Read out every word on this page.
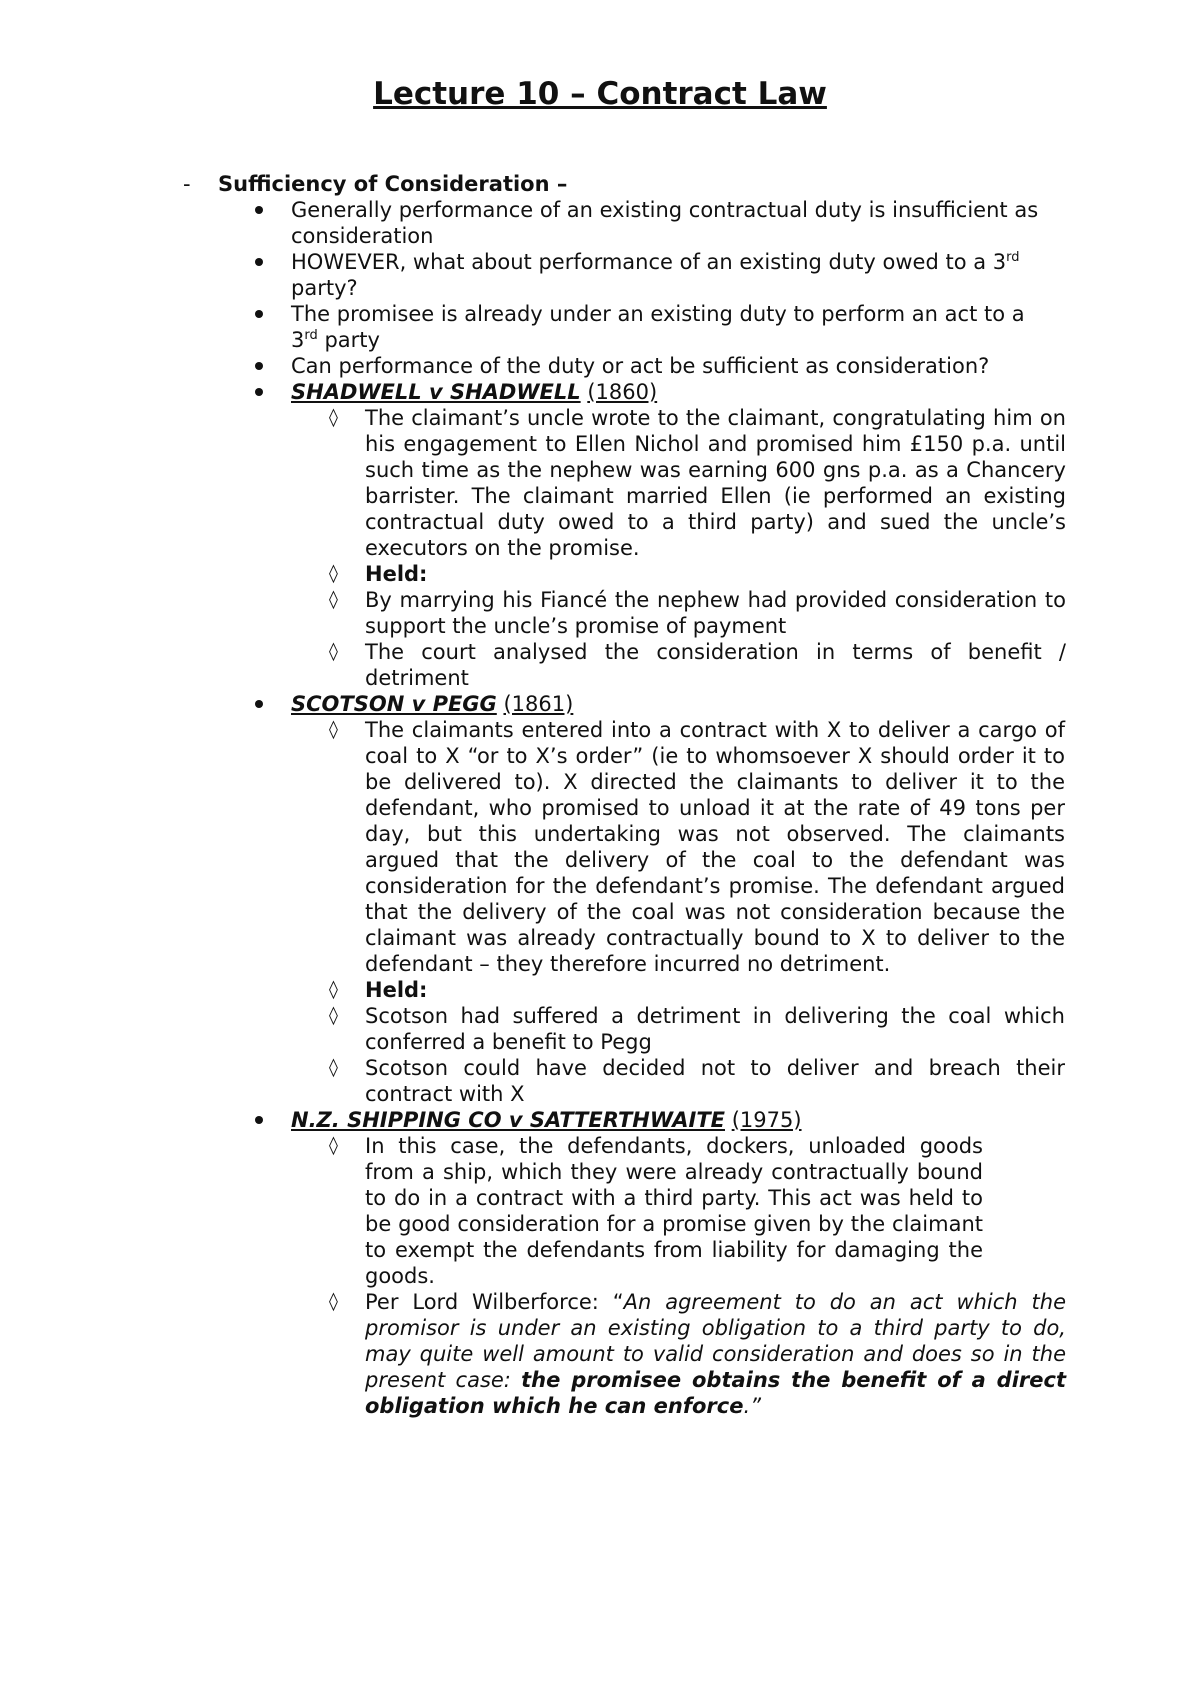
Lecture 10 – Contract Law
- Sufficiency of Consideration –
Generally performance of an existing contractual duty is insufficient as consideration
HOWEVER, what about performance of an existing duty owed to a 3rd
party?
The promisee is already under an existing duty to perform an act to a
3rd party
Can performance of the duty or act be sufficient as consideration?
SHADWELL v SHADWELL (1860)
◊ The claimant’s uncle wrote to the claimant, congratulating him on his engagement to Ellen Nichol and promised him £150 p.a. until such time as the nephew was earning 600 gns p.a. as a Chancery barrister. The claimant married Ellen (ie performed an existing contractual duty owed to a third party) and sued the uncle’s executors on the promise.
◊ Held:
◊ By marrying his Fiancé the nephew had provided consideration to support the uncle’s promise of payment
◊ The court analysed the consideration in terms of benefit / detriment
SCOTSON v PEGG (1861)
◊ The claimants entered into a contract with X to deliver a cargo of coal to X “or to X’s order” (ie to whomsoever X should order it to be delivered to). X directed the claimants to deliver it to the defendant, who promised to unload it at the rate of 49 tons per day, but this undertaking was not observed. The claimants argued that the delivery of the coal to the defendant was consideration for the defendant’s promise. The defendant argued that the delivery of the coal was not consideration because the claimant was already contractually bound to X to deliver to the defendant – they therefore incurred no detriment.
◊ Held:
◊ Scotson had suffered a detriment in delivering the coal which conferred a benefit to Pegg
◊ Scotson could have decided not to deliver and breach their contract with X
N.Z. SHIPPING CO v SATTERTHWAITE (1975)
◊ In this case, the defendants, dockers, unloaded goods from a ship, which they were already contractually bound to do in a contract with a third party. This act was held to be good consideration for a promise given by the claimant to exempt the defendants from liability for damaging the goods.
◊ Per Lord Wilberforce: “An agreement to do an act which the promisor is under an existing obligation to a third party to do, may quite well amount to valid consideration and does so in the present case: the promisee obtains the benefit of a direct obligation which he can enforce.”
